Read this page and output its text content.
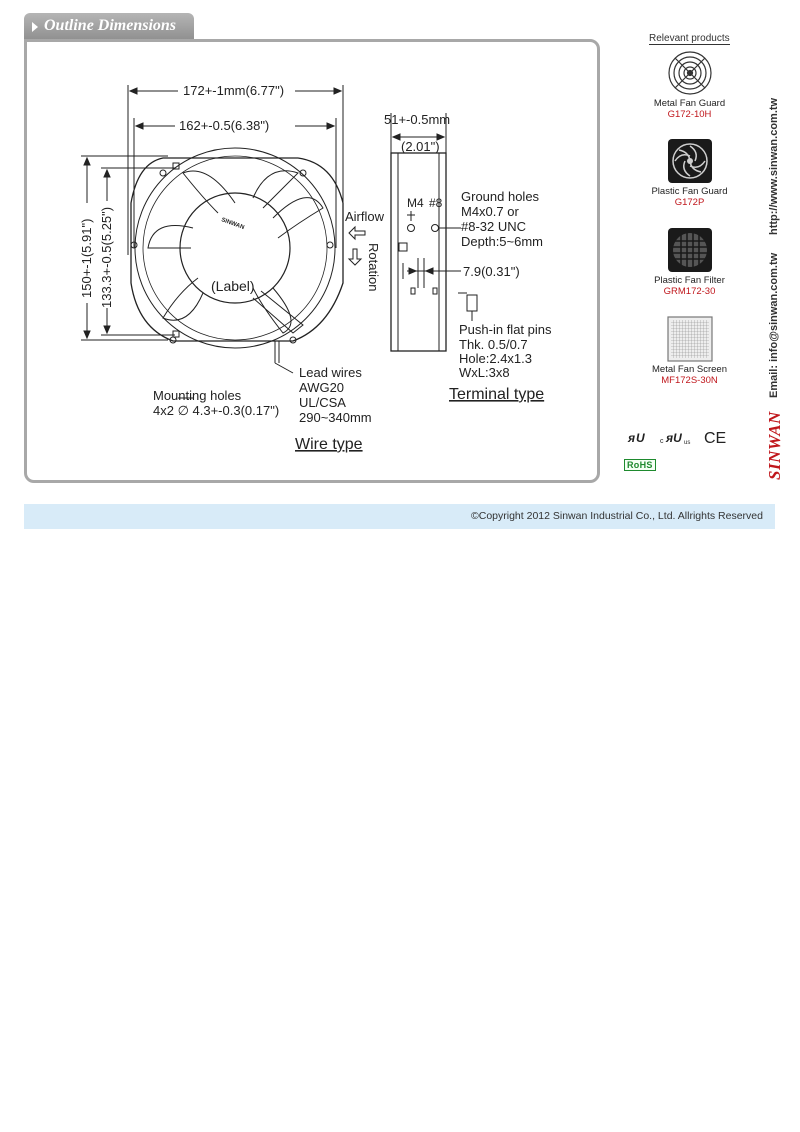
Outline Dimensions
172+-1mm(6.77")
162+-0.5(6.38")
150+-1(5.91") 133.3+-0.5(5.25")	SINWAN
(Label)
Airflow
Rotation
51+-0.5mm
(2.01")
M4 #8 Ground holes
M4x0.7 or
#8-32 UNC
Depth:5~6mm
7.9(0.31")
Push-in flat pins
Thk. 0.5/0.7
Hole:2.4x1.3
WxL:3x8
Terminal type
Mounting holes
4x2 ∅ 4.3+-0.3(0.17")
Lead wires
AWG20
UL/CSA
290~340mm
Wire type
Relevant products
Metal Fan Guard
G172-10H
Plastic Fan Guard
G172P
Plastic Fan Filter
GRM172-30
Metal Fan Screen
MF172S-30N
ᴙ U c ᴙU us CE
RoHS
http://www.sinwan.com.tw
Email: info@sinwan.com.tw
SINWAN
©Copyright 2012 Sinwan Industrial Co., Ltd. Allrights Reserved
